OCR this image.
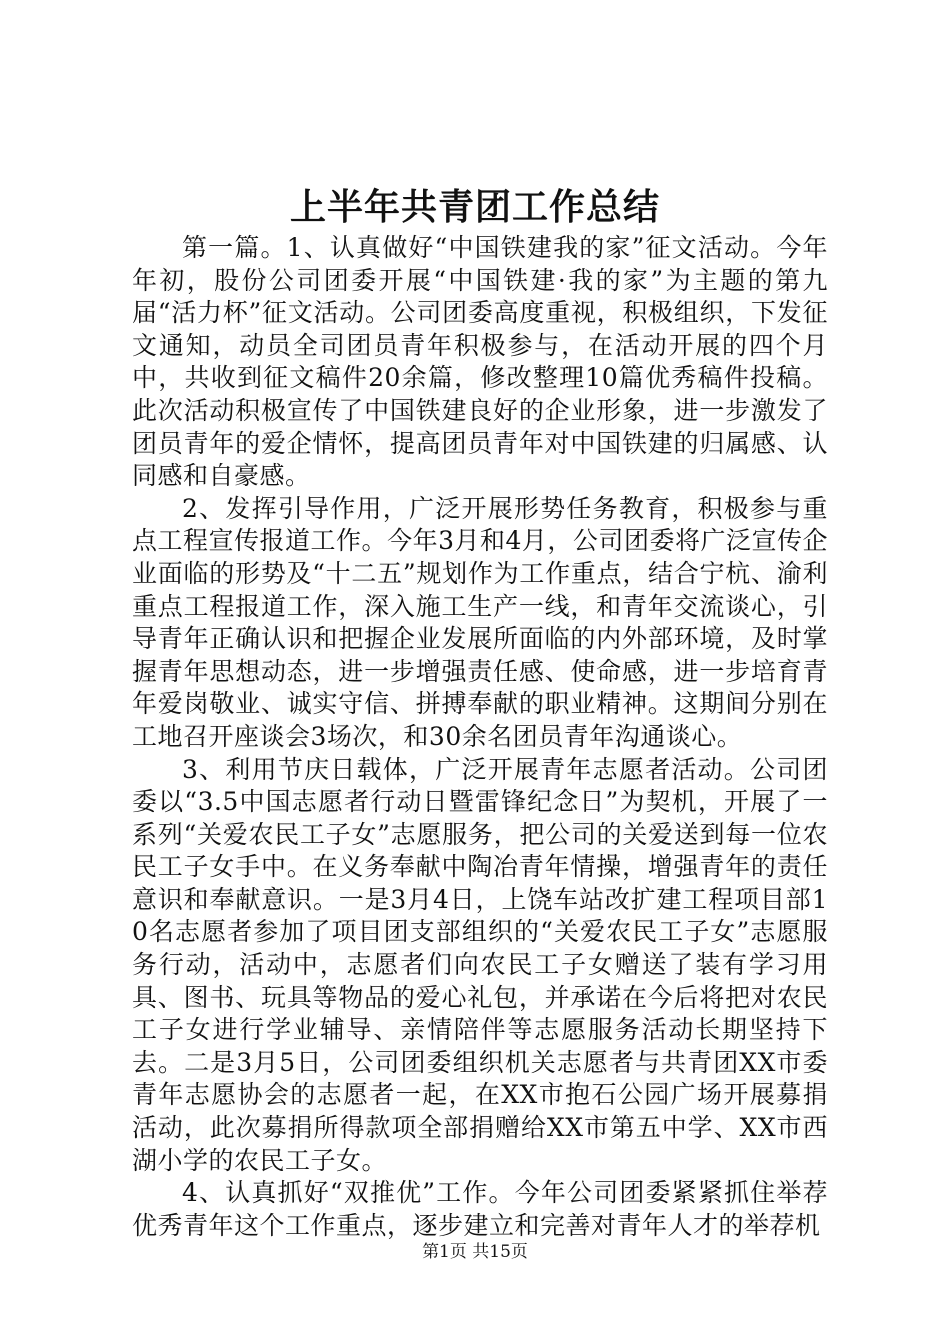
上半年共青团工作总结

第一篇。1、认真做好“中国铁建我的家”征文活动。今年年初，股份公司团委开展“中国铁建·我的家”为主题的第九届“活力杯”征文活动。公司团委高度重视，积极组织，下发征文通知，动员全司团员青年积极参与，在活动开展的四个月中，共收到征文稿件20余篇，修改整理10篇优秀稿件投稿。此次活动积极宣传了中国铁建良好的企业形象，进一步激发了团员青年的爱企情怀，提高团员青年对中国铁建的归属感、认同感和自豪感。

2、发挥引导作用，广泛开展形势任务教育，积极参与重点工程宣传报道工作。今年3月和4月，公司团委将广泛宣传企业面临的形势及“十二五”规划作为工作重点，结合宁杭、渝利重点工程报道工作，深入施工生产一线，和青年交流谈心，引导青年正确认识和把握企业发展所面临的内外部环境，及时掌握青年思想动态，进一步增强责任感、使命感，进一步培育青年爱岗敬业、诚实守信、拼搏奉献的职业精神。这期间分别在工地召开座谈会3场次，和30余名团员青年沟通谈心。

3、利用节庆日载体，广泛开展青年志愿者活动。公司团委以“3.5中国志愿者行动日暨雷锋纪念日”为契机，开展了一系列“关爱农民工子女”志愿服务，把公司的关爱送到每一位农民工子女手中。在义务奉献中陶冶青年情操，增强青年的责任意识和奉献意识。一是3月4日，上饶车站改扩建工程项目部10名志愿者参加了项目团支部组织的“关爱农民工子女”志愿服务行动，活动中，志愿者们向农民工子女赠送了装有学习用具、图书、玩具等物品的爱心礼包，并承诺在今后将把对农民工子女进行学业辅导、亲情陪伴等志愿服务活动长期坚持下去。二是3月5日，公司团委组织机关志愿者与共青团XX市委青年志愿协会的志愿者一起，在XX市抱石公园广场开展募捐活动，此次募捐所得款项全部捐赠给XX市第五中学、XX市西湖小学的农民工子女。

4、认真抓好“双推优”工作。今年公司团委紧紧抓住举荐优秀青年这个工作重点，逐步建立和完善对青年人才的举荐机

第1页 共15页
